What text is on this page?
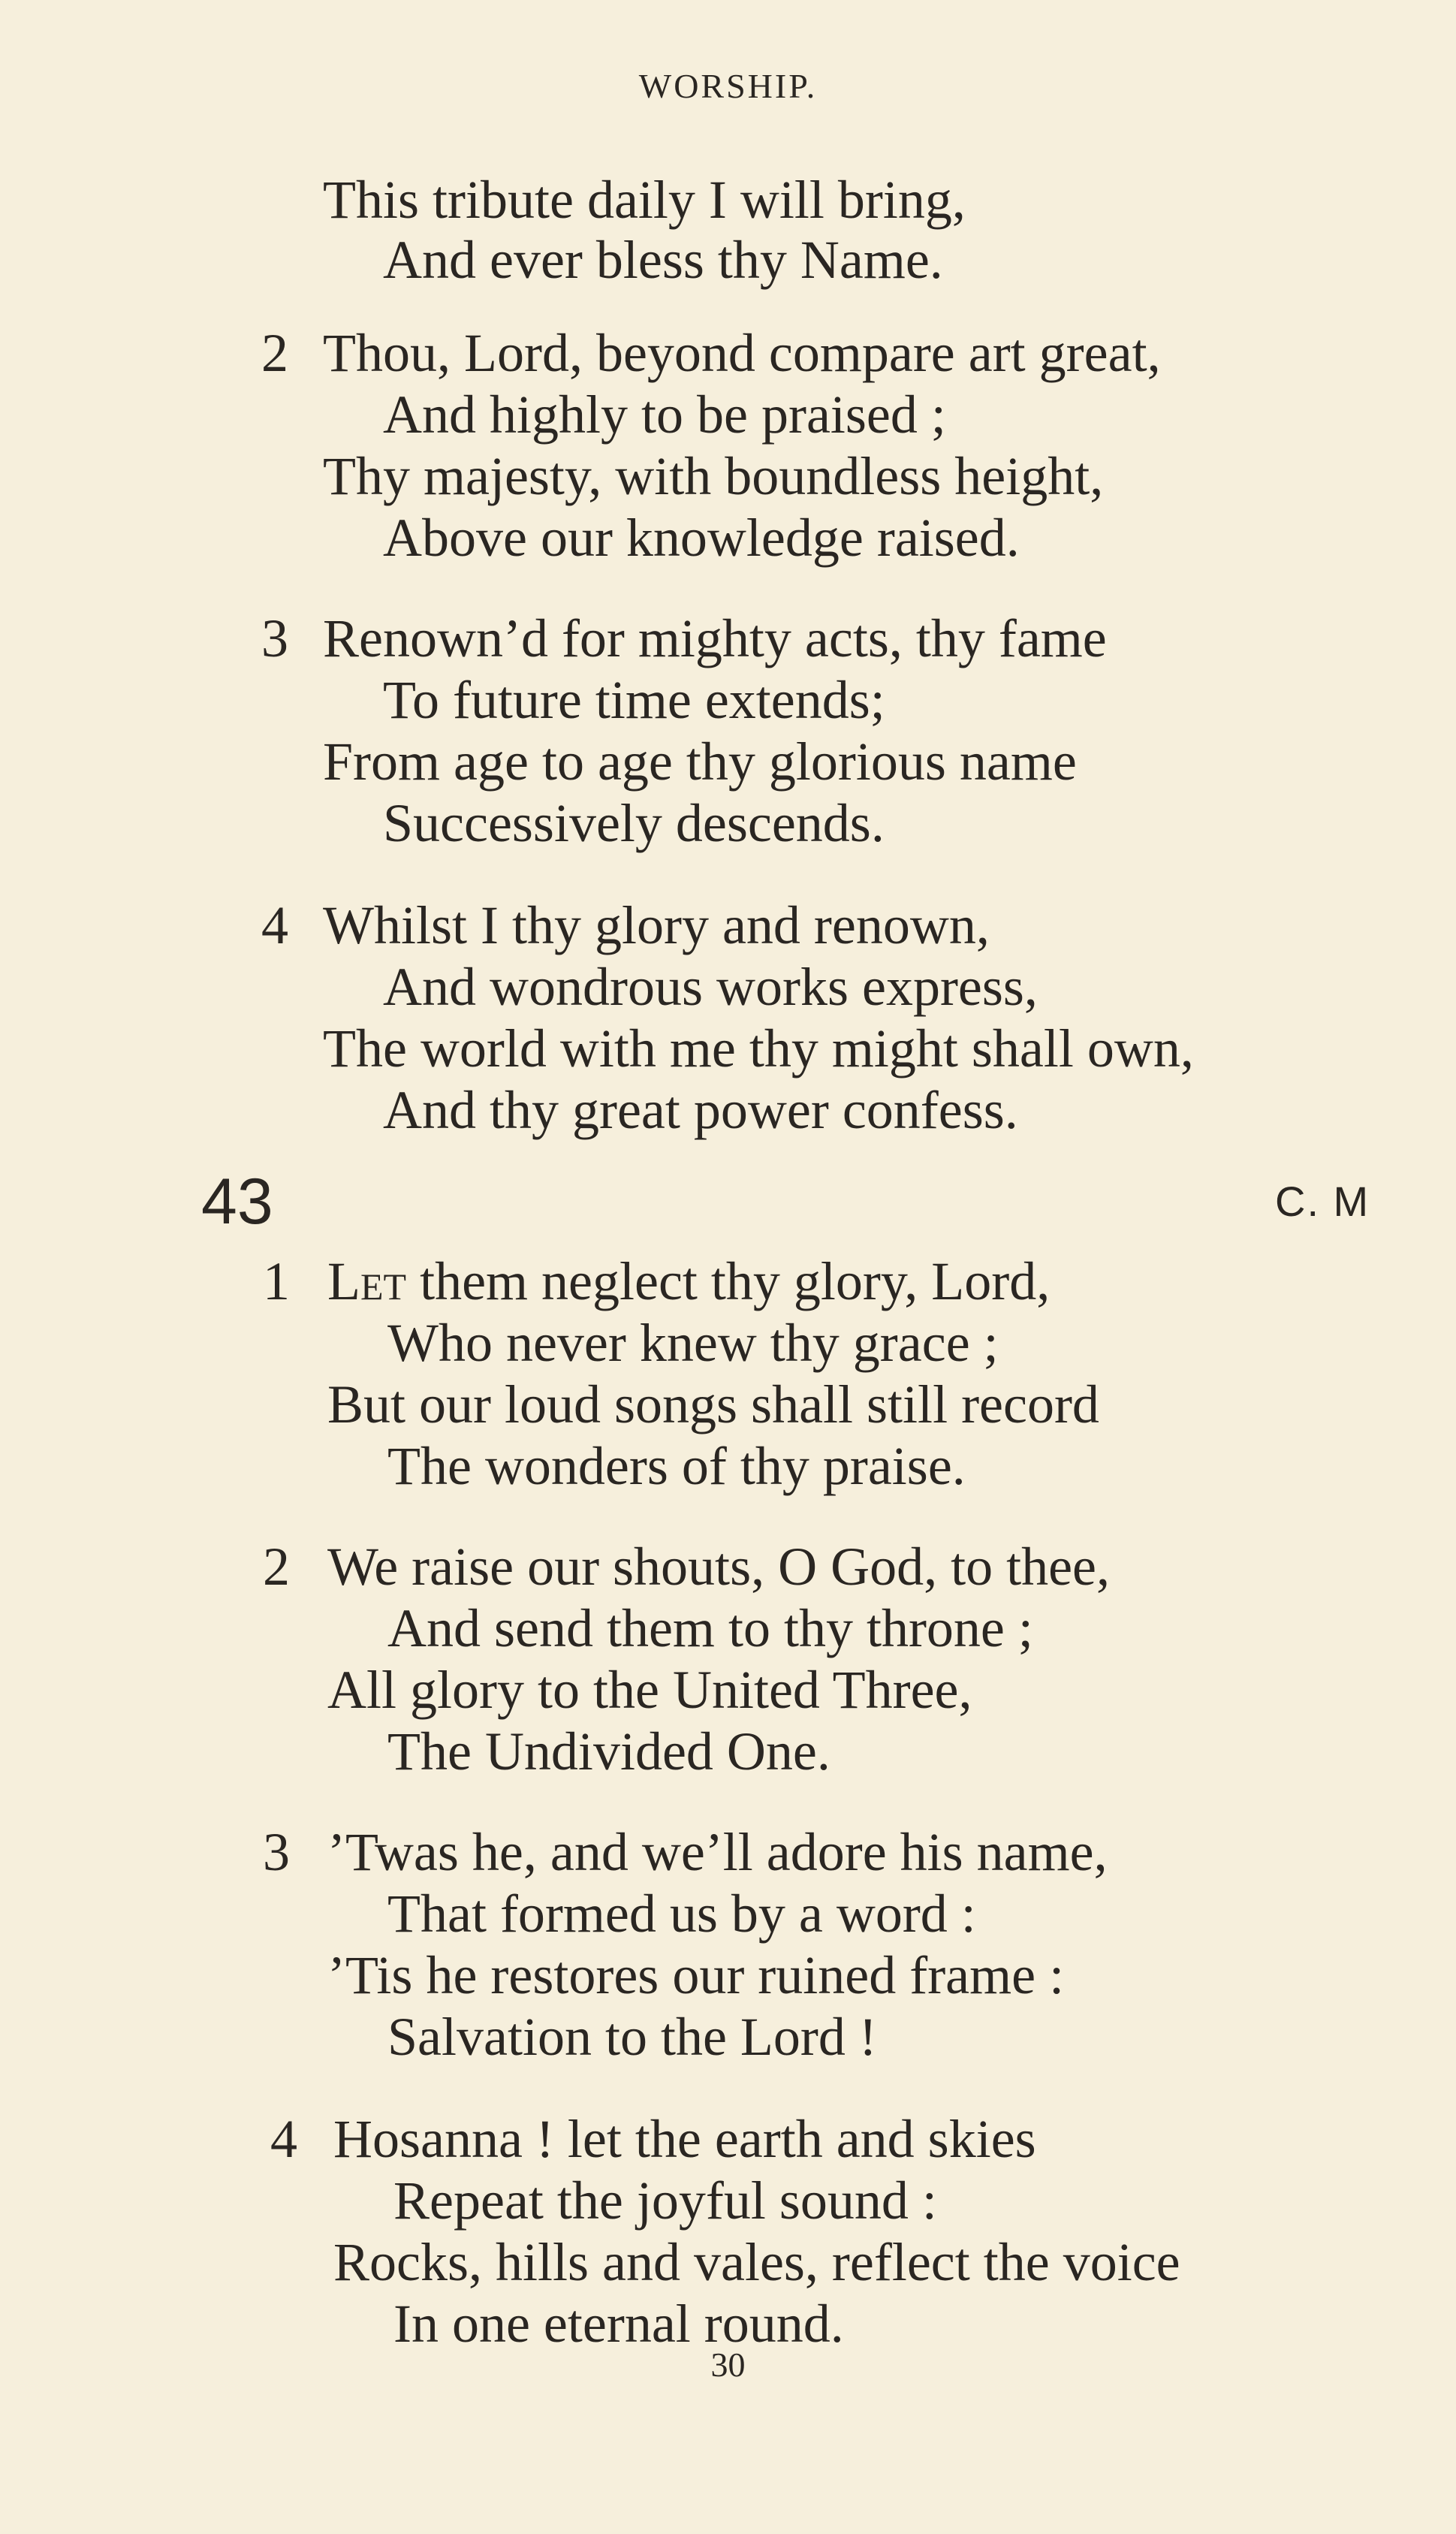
WORSHIP.
This tribute daily I will bring,
And ever bless thy Name.
2 Thou, Lord, beyond compare art great,
And highly to be praised ;
Thy majesty, with boundless height,
Above our knowledge raised.
3 Renown’d for mighty acts, thy fame
To future time extends;
From age to age thy glorious name
Successively descends.
4 Whilst I thy glory and renown,
And wondrous works express,
The world with me thy might shall own,
And thy great power confess.
43	C. M
1 Let them neglect thy glory, Lord,
Who never knew thy grace ;
But our loud songs shall still record
The wonders of thy praise.
2 We raise our shouts, O God, to thee,
And send them to thy throne ;
All glory to the United Three,
The Undivided One.
3 ’Twas he, and we’ll adore his name,
That formed us by a word :
’Tis he restores our ruined frame :
Salvation to the Lord !
4 Hosanna ! let the earth and skies
Repeat the joyful sound :
Rocks, hills and vales, reflect the voice
In one eternal round.
30
